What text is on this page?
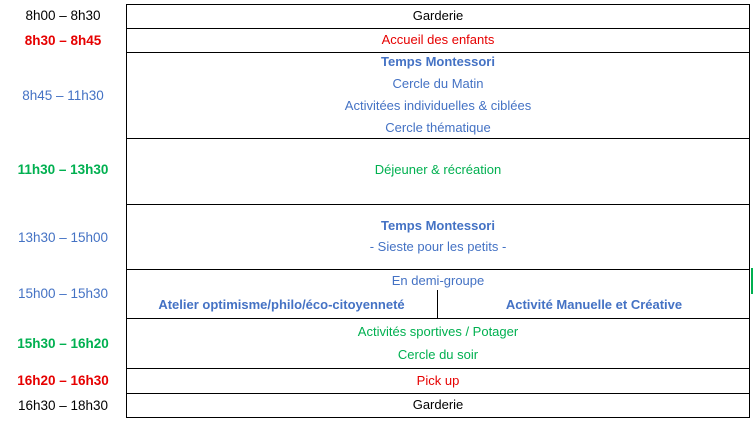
8h00 – 8h30
8h30 – 8h45
8h45 – 11h30
11h30 – 13h30
13h30 – 15h00
15h00 – 15h30
15h30 – 16h20
16h20 – 16h30
16h30 – 18h30
Garderie
Accueil des enfants
Temps Montessori
Cercle du Matin
Activitées individuelles & ciblées
Cercle thématique
Déjeuner & récréation
Temps Montessori
- Sieste pour les petits -
En demi-groupe
Atelier optimisme/philo/éco-citoyenneté	Activité Manuelle et Créative
Activités sportives / Potager
Cercle du soir
Pick up
Garderie
